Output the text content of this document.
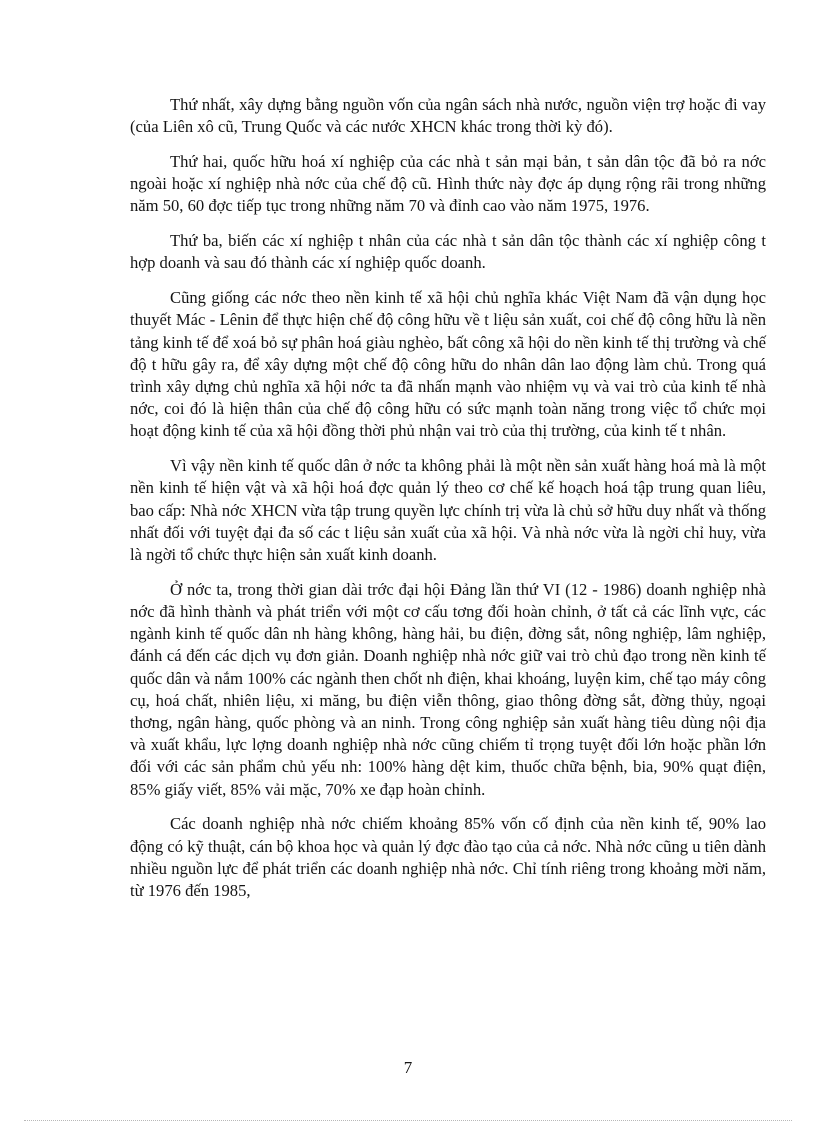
Thứ nhất, xây dựng bằng nguồn vốn của ngân sách nhà nước, nguồn viện trợ hoặc đi vay (của Liên xô cũ, Trung Quốc và các nước XHCN khác trong thời kỳ đó).

Thứ hai, quốc hữu hoá xí nghiệp của các nhà t sản mại bản, t sản dân tộc đã bỏ ra nớc ngoài hoặc xí nghiệp nhà nớc của chế độ cũ. Hình thức này đợc áp dụng rộng rãi trong những năm 50, 60 đợc tiếp tục trong những năm 70 và đỉnh cao vào năm 1975, 1976.

Thứ ba, biến các xí nghiệp t nhân của các nhà t sản dân tộc thành các xí nghiệp công t hợp doanh và sau đó thành các xí nghiệp quốc doanh.

Cũng giống các nớc theo nền kinh tế xã hội chủ nghĩa khác Việt Nam đã vận dụng học thuyết Mác - Lênin để thực hiện chế độ công hữu về t liệu sản xuất, coi chế độ công hữu là nền tảng kinh tế để xoá bỏ sự phân hoá giàu nghèo, bất công xã hội do nền kinh tế thị trường và chế độ t hữu gây ra, để xây dựng một chế độ công hữu do nhân dân lao động làm chủ. Trong quá trình xây dựng chủ nghĩa xã hội nớc ta đã nhấn mạnh vào nhiệm vụ và vai trò của kinh tế nhà nớc, coi đó là hiện thân của chế độ công hữu có sức mạnh toàn năng trong việc tổ chức mọi hoạt động kinh tế của xã hội đồng thời phủ nhận vai trò của thị trường, của kinh tế t nhân.

Vì vậy nền kinh tế quốc dân ở nớc ta không phải là một nền sản xuất hàng hoá mà là một nền kinh tế hiện vật và xã hội hoá đợc quản lý theo cơ chế kế hoạch hoá tập trung quan liêu, bao cấp: Nhà nớc XHCN vừa tập trung quyền lực chính trị vừa là chủ sở hữu duy nhất và thống nhất đối với tuyệt đại đa số các t liệu sản xuất của xã hội. Và nhà nớc vừa là ngời chỉ huy, vừa là ngời tổ chức thực hiện sản xuất kinh doanh.

Ở nớc ta, trong thời gian dài trớc đại hội Đảng lần thứ VI (12 - 1986) doanh nghiệp nhà nớc đã hình thành và phát triển với một cơ cấu tơng đối hoàn chỉnh, ở tất cả các lĩnh vực, các ngành kinh tế quốc dân nh hàng không, hàng hải, bu điện, đờng sắt, nông nghiệp, lâm nghiệp, đánh cá đến các dịch vụ đơn giản. Doanh nghiệp nhà nớc giữ vai trò chủ đạo trong nền kinh tế quốc dân và nắm 100% các ngành then chốt nh điện, khai khoáng, luyện kim, chế tạo máy công cụ, hoá chất, nhiên liệu, xi măng, bu điện viễn thông, giao thông đờng sắt, đờng thủy, ngoại thơng, ngân hàng, quốc phòng và an ninh. Trong công nghiệp sản xuất hàng tiêu dùng nội địa và xuất khẩu, lực lợng doanh nghiệp nhà nớc cũng chiếm tỉ trọng tuyệt đối lớn hoặc phần lớn đối với các sản phẩm chủ yếu nh: 100% hàng dệt kim, thuốc chữa bệnh, bia, 90% quạt điện, 85% giấy viết, 85% vải mặc, 70% xe đạp hoàn chỉnh.

Các doanh nghiệp nhà nớc chiếm khoảng 85% vốn cố định của nền kinh tế, 90% lao động có kỹ thuật, cán bộ khoa học và quản lý đợc đào tạo của cả nớc. Nhà nớc cũng u tiên dành nhiều nguồn lực để phát triển các doanh nghiệp nhà nớc. Chỉ tính riêng trong khoảng mời năm, từ 1976 đến 1985,

7
